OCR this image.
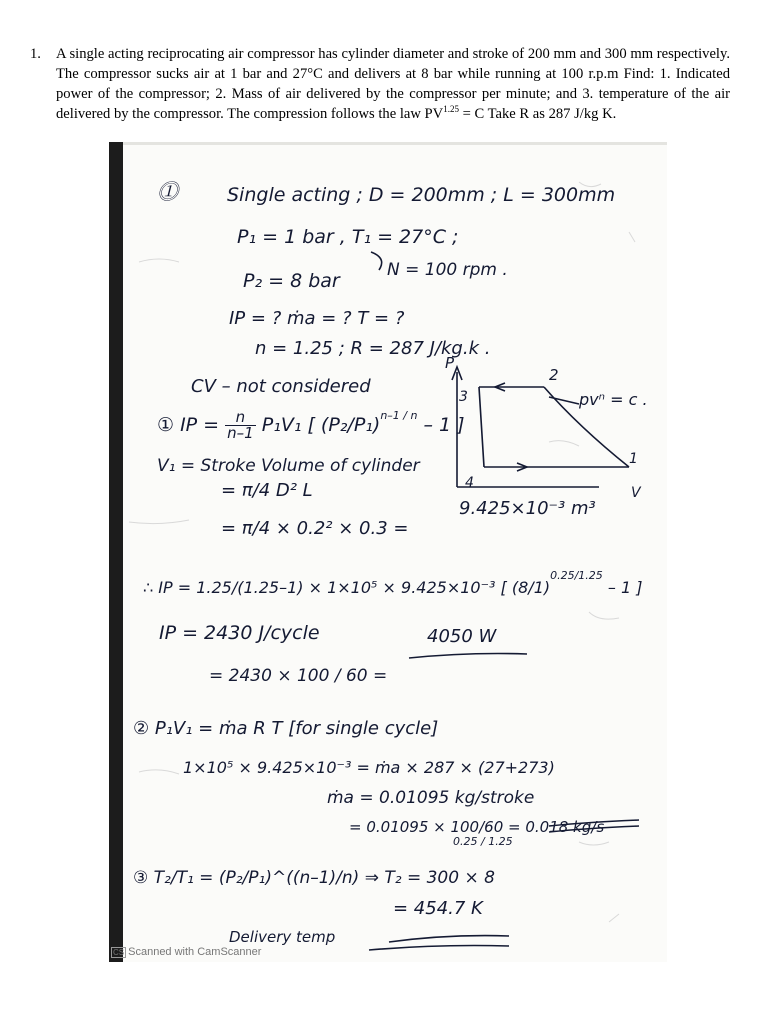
1. A single acting reciprocating air compressor has cylinder diameter and stroke of 200 mm and 300 mm respectively. The compressor sucks air at 1 bar and 27°C and delivers at 8 bar while running at 100 r.p.m Find: 1. Indicated power of the compressor; 2. Mass of air delivered by the compressor per minute; and 3. temperature of the air delivered by the compressor. The compression follows the law $PV^{1.25} = C$ Take R as 287 J/kg K.
⓵	Single acting ; D = 200mm ; L = 300mm
P₁ = 1 bar , T₁ = 27°C ;
P₂ = 8 bar	N = 100 rpm .
IP = ? ṁa = ? T = ?
n = 1.25 ; R = 287 J/kg.k .
CV – not considered
P
2
3
1
4
pvⁿ = c .
V
① IP = $\frac{n}{n-1} P_1V_1$ [ $(P_2/P_1)^{n-1 / n} - 1$ ]
V₁ = Stroke Volume of cylinder
= π/4 D² L
= π/4 × 0.2² × 0.3 =
9.425×10⁻³ m³
∴ IP = 1.25/(1.25–1) × 1×10⁵ × 9.425×10⁻³ [ $(8/1)^{0.25/1.25} - 1$ ]
IP = 2430 J/cycle
= 2430 × 100 / 60 =
4050 W
② P₁V₁ = ṁa R T [for single cycle]
1×10⁵ × 9.425×10⁻³ = ṁa × 287 × (27+273)
ṁa = 0.01095 kg/stroke
= 0.01095 × 100/60 = 0.018 kg/s
③ T₂/T₁ = (P₂/P₁)^((n–1)/n) ⇒ T₂ = 300 × 8
0.25 / 1.25
= 454.7 K
Delivery temp
CS Scanned with CamScanner
